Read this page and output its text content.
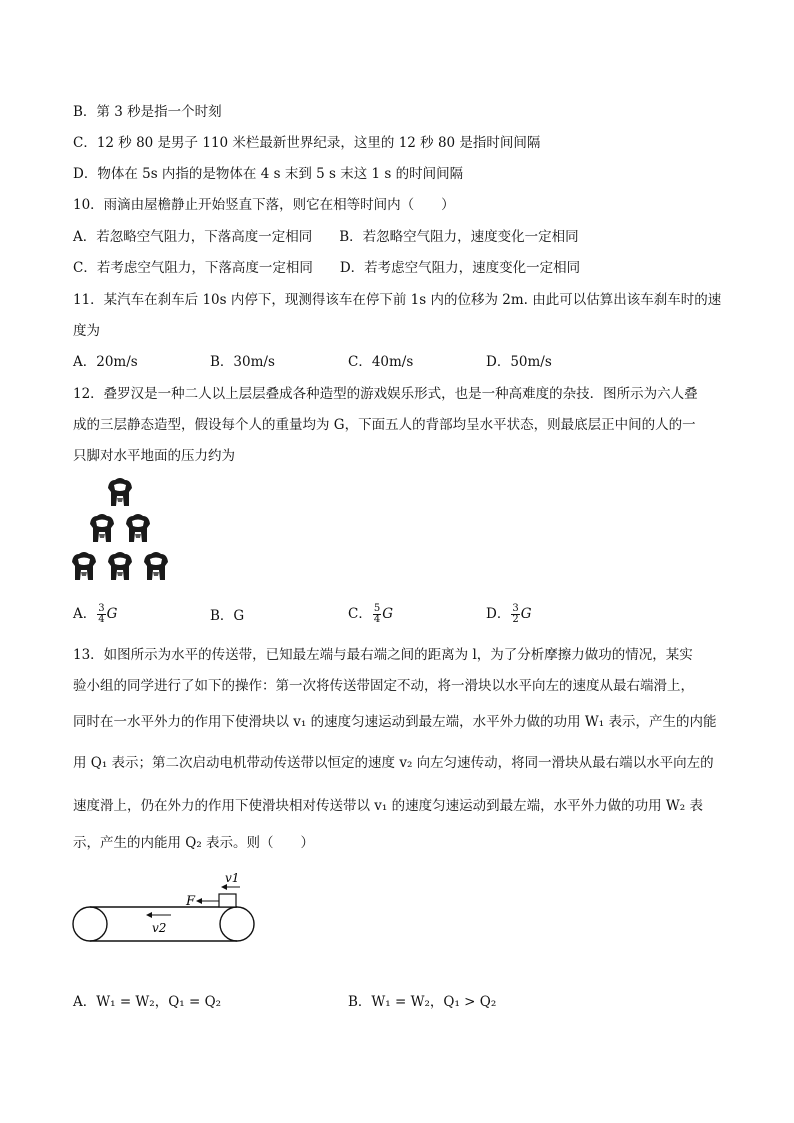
B．第 3 秒是指一个时刻
C．12 秒 80 是男子 110 米栏最新世界纪录，这里的 12 秒 80 是指时间间隔
D．物体在 5s 内指的是物体在 4 s 末到 5 s 末这 1 s 的时间间隔
10．雨滴由屋檐静止开始竖直下落，则它在相等时间内（　　）
A．若忽略空气阻力，下落高度一定相同　　B．若忽略空气阻力，速度变化一定相同
C．若考虑空气阻力，下落高度一定相同　　D．若考虑空气阻力，速度变化一定相同
11．某汽车在刹车后 10s 内停下，现测得该车在停下前 1s 内的位移为 2m. 由此可以估算出该车刹车时的速
度为
A．20m/s	B．30m/s	C．40m/s	D．50m/s
12．叠罗汉是一种二人以上层层叠成各种造型的游戏娱乐形式，也是一种高难度的杂技．图所示为六人叠
成的三层静态造型，假设每个人的重量均为 G，下面五人的背部均呈水平状态，则最底层正中间的人的一
只脚对水平地面的压力约为
A． $\frac{3}{4}$ G	B．G	C． $\frac{5}{4}$ G	D． $\frac{3}{2}$ G
13．如图所示为水平的传送带，已知最左端与最右端之间的距离为 l，为了分析摩擦力做功的情况，某实
验小组的同学进行了如下的操作：第一次将传送带固定不动，将一滑块以水平向左的速度从最右端滑上，
同时在一水平外力的作用下使滑块以 v₁ 的速度匀速运动到最左端，水平外力做的功用 W₁ 表示，产生的内能
用 Q₁ 表示；第二次启动电机带动传送带以恒定的速度 v₂ 向左匀速传动，将同一滑块从最右端以水平向左的
速度滑上，仍在外力的作用下使滑块相对传送带以 v₁ 的速度匀速运动到最左端，水平外力做的功用 W₂ 表
示，产生的内能用 Q₂ 表示。则（　　）
F
v1
v2
A．W₁ = W₂，Q₁ = Q₂	B．W₁ = W₂，Q₁ > Q₂
